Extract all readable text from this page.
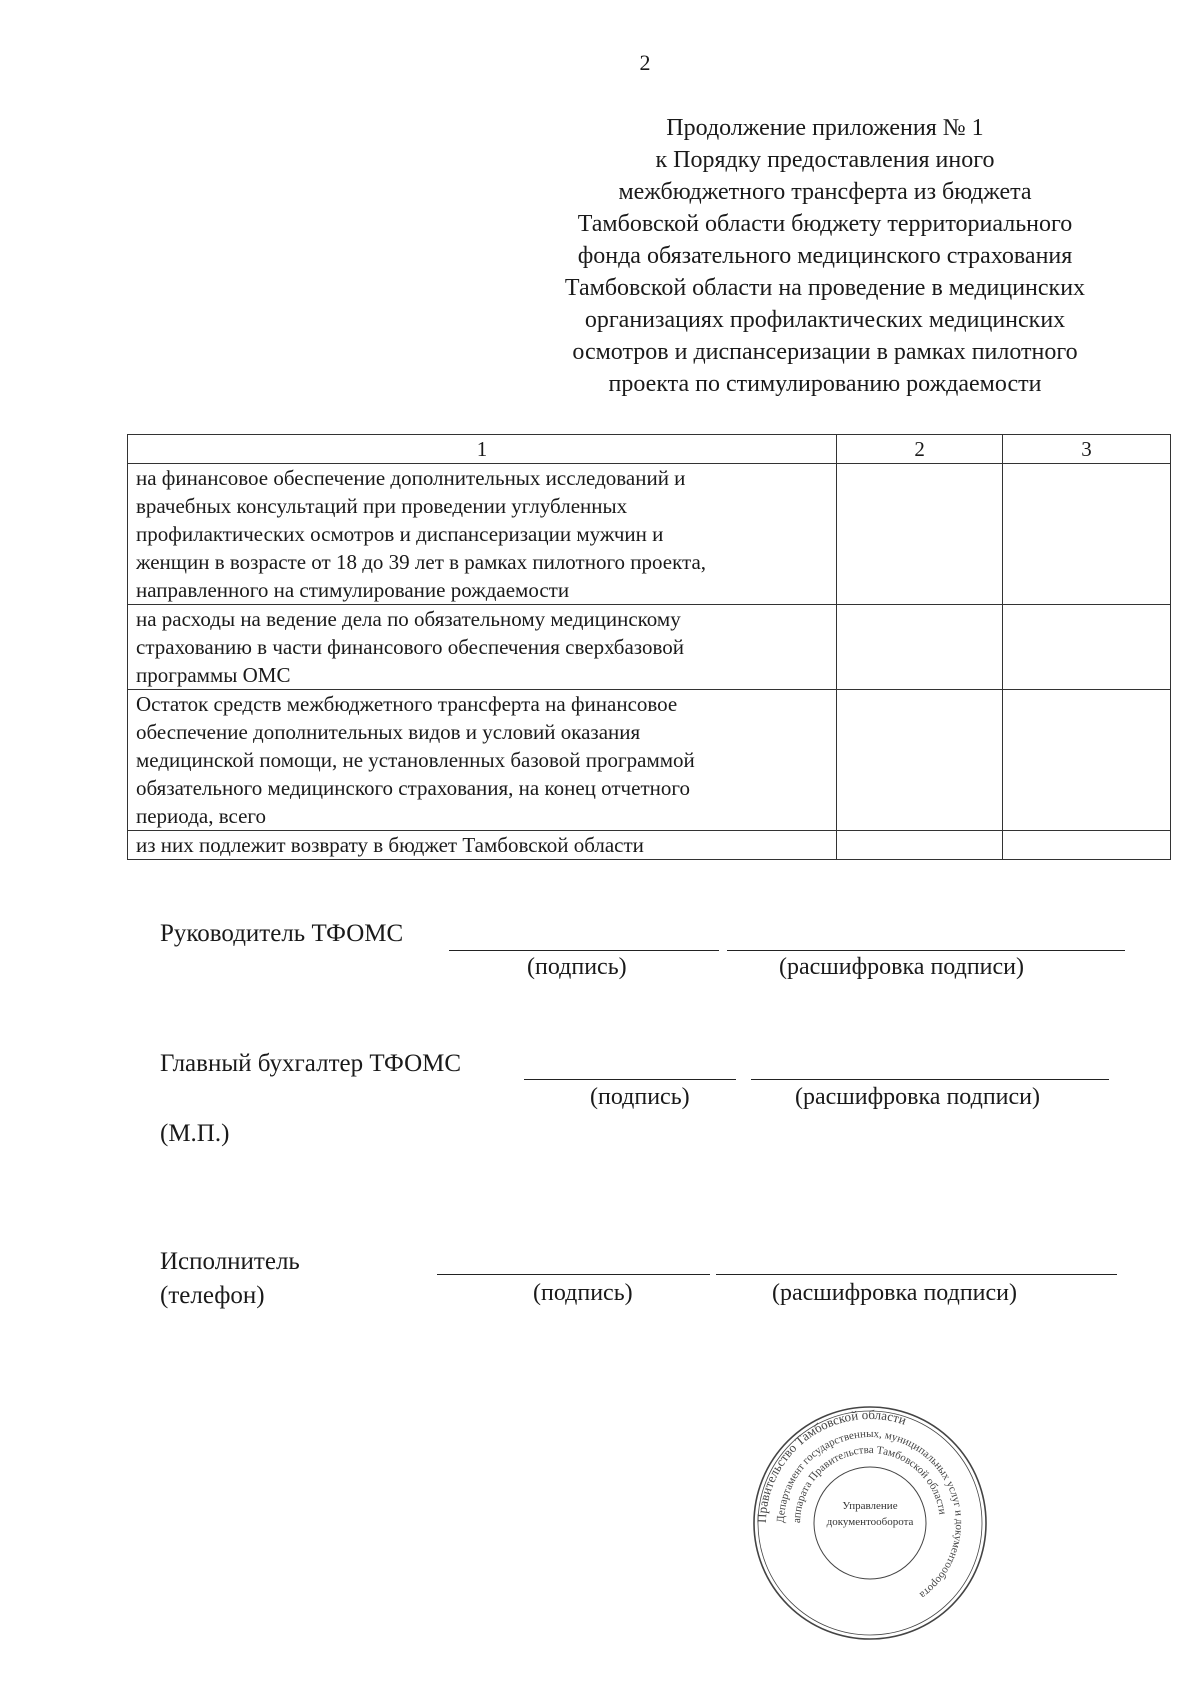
2
Продолжение приложения № 1
к Порядку предоставления иного
межбюджетного трансферта из бюджета
Тамбовской области бюджету территориального
фонда обязательного медицинского страхования
Тамбовской области на проведение в медицинских
организациях профилактических медицинских
осмотров и диспансеризации в рамках пилотного
проекта по стимулированию рождаемости
1	2	3

на финансовое обеспечение дополнительных исследований и
врачебных консультаций при проведении углубленных
профилактических осмотров и диспансеризации мужчин и
женщин в возрасте от 18 до 39 лет в рамках пилотного проекта,
направленного на стимулирование рождаемости		

на расходы на ведение дела по обязательному медицинскому
страхованию в части финансового обеспечения сверхбазовой
программы ОМС		

Остаток средств межбюджетного трансферта на финансовое
обеспечение дополнительных видов и условий оказания
медицинской помощи, не установленных базовой программой
обязательного медицинского страхования, на конец отчетного
периода, всего		

из них подлежит возврату в бюджет Тамбовской области		

Руководитель ТФОМС
(подпись)	(расшифровка подписи)
Главный бухгалтер ТФОМС
(подпись)	(расшифровка подписи)
(М.П.)
Исполнитель
(телефон)	(подпись)	(расшифровка подписи)
Правительство Тамбовской области
Департамент государственных, муниципальных услуг и документооборота
аппарата Правительства Тамбовской области
Управление
документооборота
